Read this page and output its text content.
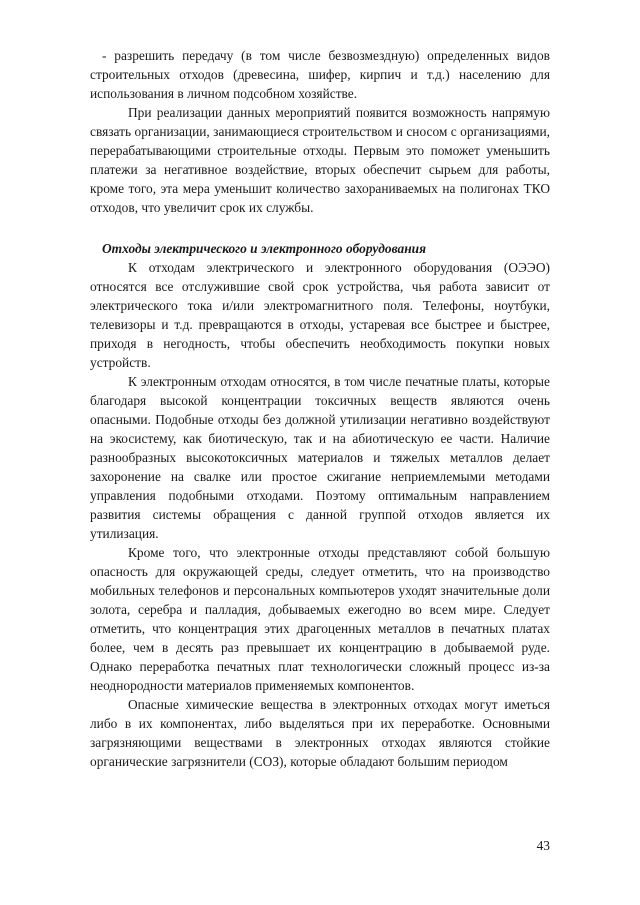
- разрешить передачу (в том числе безвозмездную) определенных видов строительных отходов (древесина, шифер, кирпич и т.д.) населению для использования в личном подсобном хозяйстве.

При реализации данных мероприятий появится возможность напрямую связать организации, занимающиеся строительством и сносом с организациями, перерабатывающими строительные отходы. Первым это поможет уменьшить платежи за негативное воздействие, вторых обеспечит сырьем для работы, кроме того, эта мера уменьшит количество захораниваемых на полигонах ТКО отходов, что увеличит срок их службы.

Отходы электрического и электронного оборудования

К отходам электрического и электронного оборудования (ОЭЭО) относятся все отслужившие свой срок устройства, чья работа зависит от электрического тока и/или электромагнитного поля. Телефоны, ноутбуки, телевизоры и т.д. превращаются в отходы, устаревая все быстрее и быстрее, приходя в негодность, чтобы обеспечить необходимость покупки новых устройств.

К электронным отходам относятся, в том числе печатные платы, которые благодаря высокой концентрации токсичных веществ являются очень опасными. Подобные отходы без должной утилизации негативно воздействуют на экосистему, как биотическую, так и на абиотическую ее части. Наличие разнообразных высокотоксичных материалов и тяжелых металлов делает захоронение на свалке или простое сжигание неприемлемыми методами управления подобными отходами. Поэтому оптимальным направлением развития системы обращения с данной группой отходов является их утилизация.

Кроме того, что электронные отходы представляют собой большую опасность для окружающей среды, следует отметить, что на производство мобильных телефонов и персональных компьютеров уходят значительные доли золота, серебра и палладия, добываемых ежегодно во всем мире. Следует отметить, что концентрация этих драгоценных металлов в печатных платах более, чем в десять раз превышает их концентрацию в добываемой руде. Однако переработка печатных плат технологически сложный процесс из-за неоднородности материалов применяемых компонентов.

Опасные химические вещества в электронных отходах могут иметься либо в их компонентах, либо выделяться при их переработке. Основными загрязняющими веществами в электронных отходах являются стойкие органические загрязнители (СОЗ), которые обладают большим периодом

43
